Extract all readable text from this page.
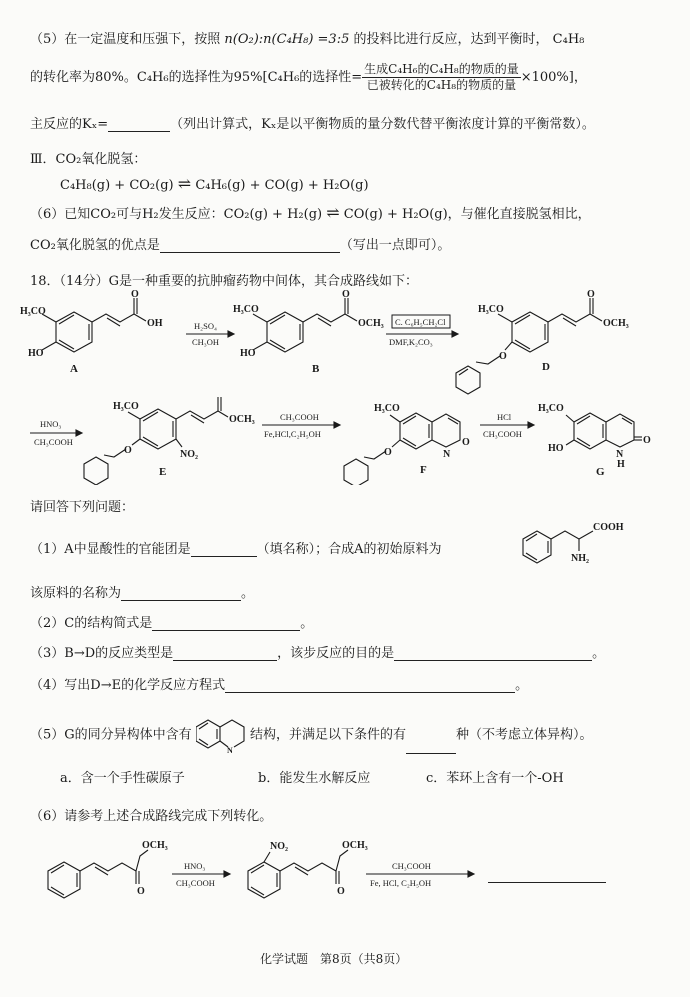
（5）在一定温度和压强下，按照 n(O₂):n(C₄H₈) =3:5 的投料比进行反应，达到平衡时， C₄H₈
的转化率为80%。C₄H₆的选择性为95%[C₄H₆的选择性= $\frac{\text{生成C₄H₆的C₄H₈的物质的量}}{\text{已被转化的C₄H₈的物质的量}} \times 100\%$]，
主反应的Kₓ=	（列出计算式，Kₓ是以平衡物质的量分数代替平衡浓度计算的平衡常数）。
Ⅲ．CO₂氧化脱氢：
C₄H₈(g) + CO₂(g) ⇌ C₄H₆(g) + CO(g) + H₂O(g)
（6）已知CO₂可与H₂发生反应：CO₂(g) + H₂(g) ⇌ CO(g) + H₂O(g)，与催化直接脱氢相比，
CO₂氧化脱氢的优点是	（写出一点即可）。
18．（14分）G是一种重要的抗肿瘤药物中间体，其合成路线如下：
H₃CO
HO
O
OH
A
H₂SO₄
CH₃OH
H₃CO
HO
O
OCH₃
B
C. C₆H₅CH₂Cl
DMF,K₂CO₃
H₃CO
O
O
OCH₃
D
HNO₃
CH₃COOH
H₃CO
O	NO₂
OCH₃
E
CH₃COOH
Fe,HCl,C₂H₅OH
H₃CO
O	N
O
F
HCl
CH₃COOH
H₃CO
HO
N
H
O
G
请回答下列问题：
（1）A中显酸性的官能团是	（填名称）；合成A的初始原料为
COOH
NH₂
该原料的名称为	。
（2）C的结构简式是	。
（3）B→D的反应类型是	，该步反应的目的是	。
（4）写出D→E的化学反应方程式	。
（5）G的同分异构体中含有
N
结构，并满足以下条件的有	种（不考虑立体异构）。
a．含一个手性碳原子	b．能发生水解反应	c．苯环上含有一个-OH
（6）请参考上述合成路线完成下列转化。
O
OCH₃
HNO₃
CH₃COOH
NO₂
O
OCH₃
CH₃COOH
Fe, HCl, C₂H₅OH
化学试题　第8页（共8页）
